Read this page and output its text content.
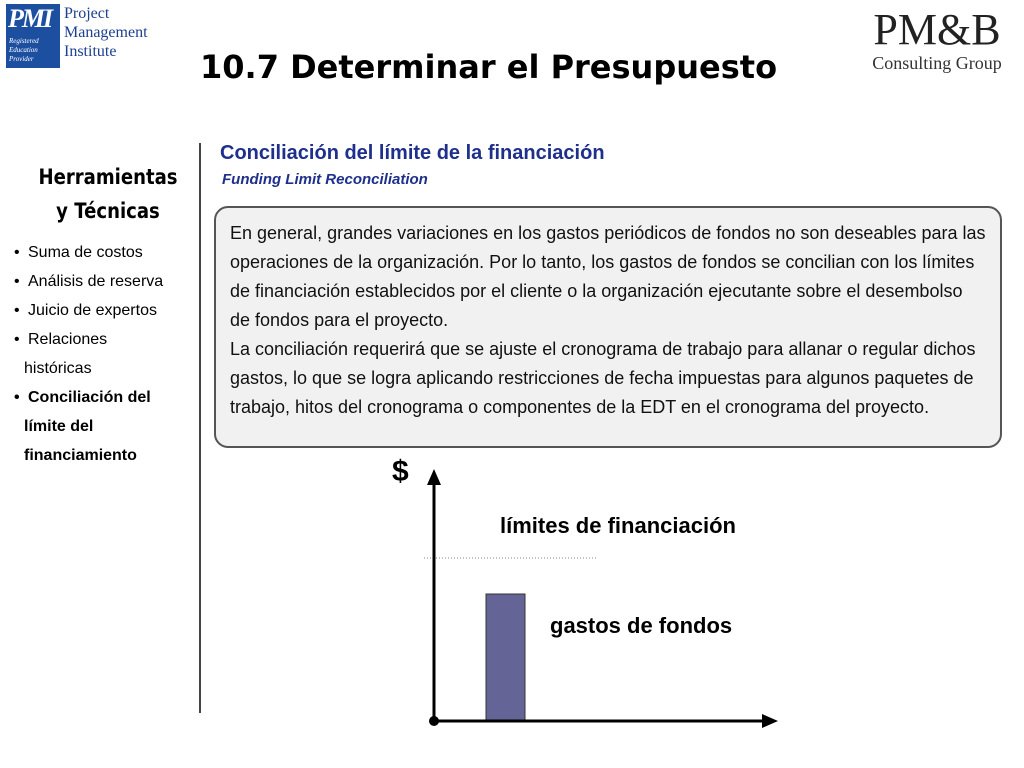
PMI
Registered
Education
Provider
Project
Management
Institute	PM&B
Consulting Group
10.7 Determinar el Presupuesto
Herramientas
y Técnicas
• Suma de costos
• Análisis de reserva
• Juicio de expertos
• Relaciones
históricas
• Conciliación del
límite del
financiamiento
Conciliación del límite de la financiación
Funding Limit Reconciliation

En general, grandes variaciones en los gastos periódicos de fondos no son deseables para las operaciones de la organización. Por lo tanto, los gastos de fondos se concilian con los límites de financiación establecidos por el cliente o la organización ejecutante sobre el desembolso de fondos para el proyecto.

La conciliación requerirá que se ajuste el cronograma de trabajo para allanar o regular dichos gastos, lo que se logra aplicando restricciones de fecha impuestas para algunos paquetes de trabajo, hitos del cronograma o componentes de la EDT en el cronograma del proyecto.

$
límites de financiación
gastos de fondos
